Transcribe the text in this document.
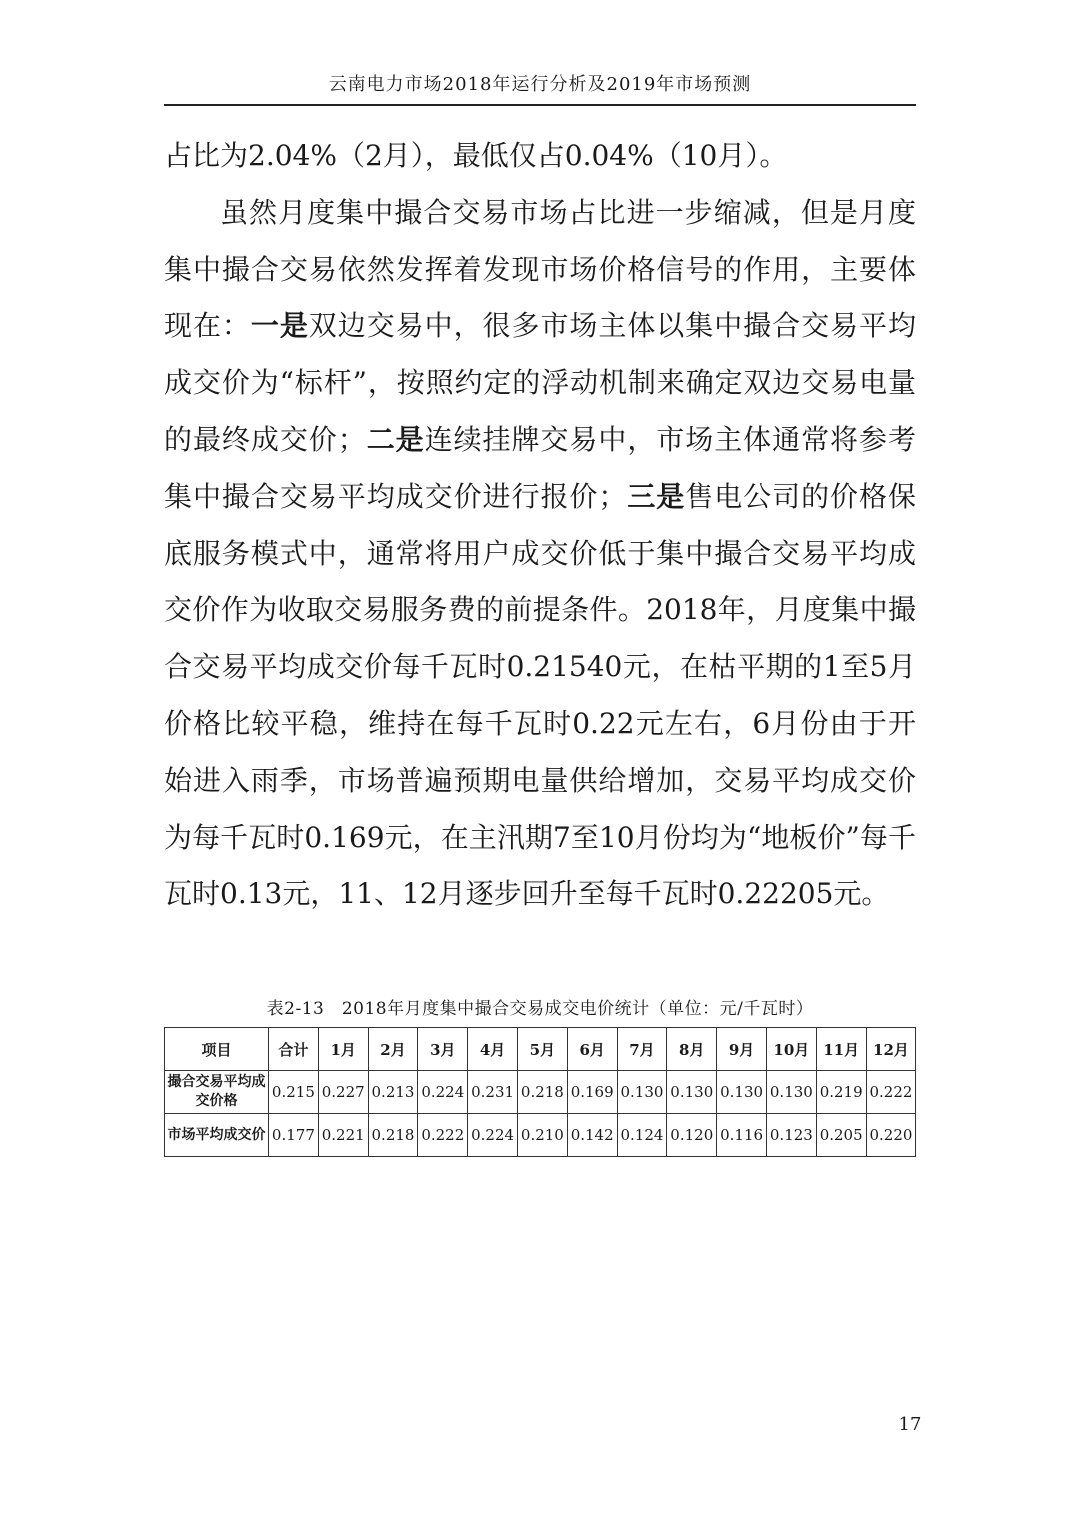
云南电力市场2018年运行分析及2019年市场预测

占比为2.04%（2月），最低仅占0.04%（10月）。

虽然月度集中撮合交易市场占比进一步缩减，但是月度集中撮合交易依然发挥着发现市场价格信号的作用，主要体现在：一是双边交易中，很多市场主体以集中撮合交易平均成交价为“标杆”，按照约定的浮动机制来确定双边交易电量的最终成交价；二是连续挂牌交易中，市场主体通常将参考集中撮合交易平均成交价进行报价；三是售电公司的价格保底服务模式中，通常将用户成交价低于集中撮合交易平均成交价作为收取交易服务费的前提条件。2018年，月度集中撮合交易平均成交价每千瓦时0.21540元，在枯平期的1至5月价格比较平稳，维持在每千瓦时0.22元左右，6月份由于开始进入雨季，市场普遍预期电量供给增加，交易平均成交价为每千瓦时0.169元，在主汛期7至10月份均为“地板价”每千瓦时0.13元，11、12月逐步回升至每千瓦时0.22205元。

表2-13　2018年月度集中撮合交易成交电价统计（单位：元/千瓦时）
项目	合计	1月	2月	3月	4月	5月	6月	7月	8月	9月	10月	11月	12月
撮合交易平均成交价格	0.215	0.227	0.213	0.224	0.231	0.218	0.169	0.130	0.130	0.130	0.130	0.219	0.222
市场平均成交价	0.177	0.221	0.218	0.222	0.224	0.210	0.142	0.124	0.120	0.116	0.123	0.205	0.220
17
